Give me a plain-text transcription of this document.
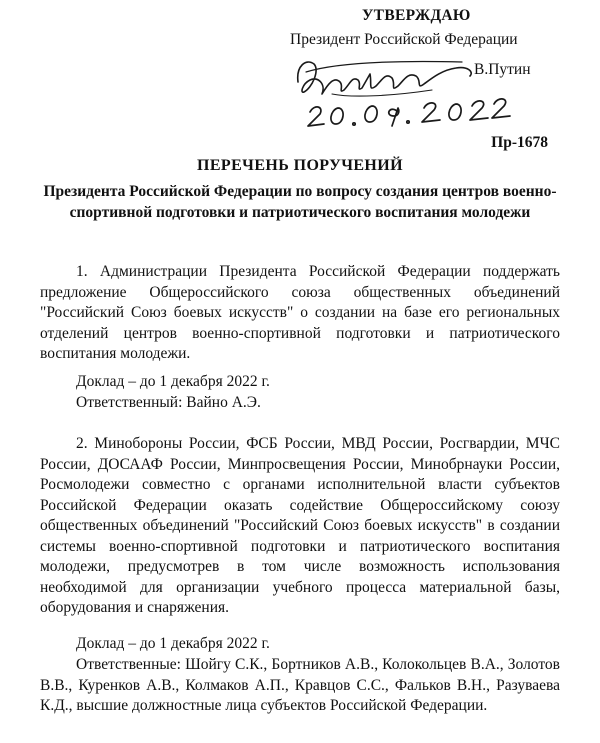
УТВЕРЖДАЮ
Президент Российской Федерации
В.Путин
Пр-1678
ПЕРЕЧЕНЬ ПОРУЧЕНИЙ
Президента Российской Федерации по вопросу создания центров военно-спортивной подготовки и патриотического воспитания молодежи

1. Администрации Президента Российской Федерации поддержать предложение Общероссийского союза общественных объединений "Российский Союз боевых искусств" о создании на базе его региональных отделений центров военно-спортивной подготовки и патриотического воспитания молодежи.

Доклад – до 1 декабря 2022 г.
Ответственный: Вайно А.Э.

2. Минобороны России, ФСБ России, МВД России, Росгвардии, МЧС России, ДОСААФ России, Минпросвещения России, Минобрнауки России, Росмолодежи совместно с органами исполнительной власти субъектов Российской Федерации оказать содействие Общероссийскому союзу общественных объединений "Российский Союз боевых искусств" в создании системы военно-спортивной подготовки и патриотического воспитания молодежи, предусмотрев в том числе возможность использования необходимой для организации учебного процесса материальной базы, оборудования и снаряжения.

Доклад – до 1 декабря 2022 г.

Ответственные: Шойгу С.К., Бортников А.В., Колокольцев В.А., Золотов В.В., Куренков А.В., Колмаков А.П., Кравцов С.С., Фальков В.Н., Разуваева К.Д., высшие должностные лица субъектов Российской Федерации.
